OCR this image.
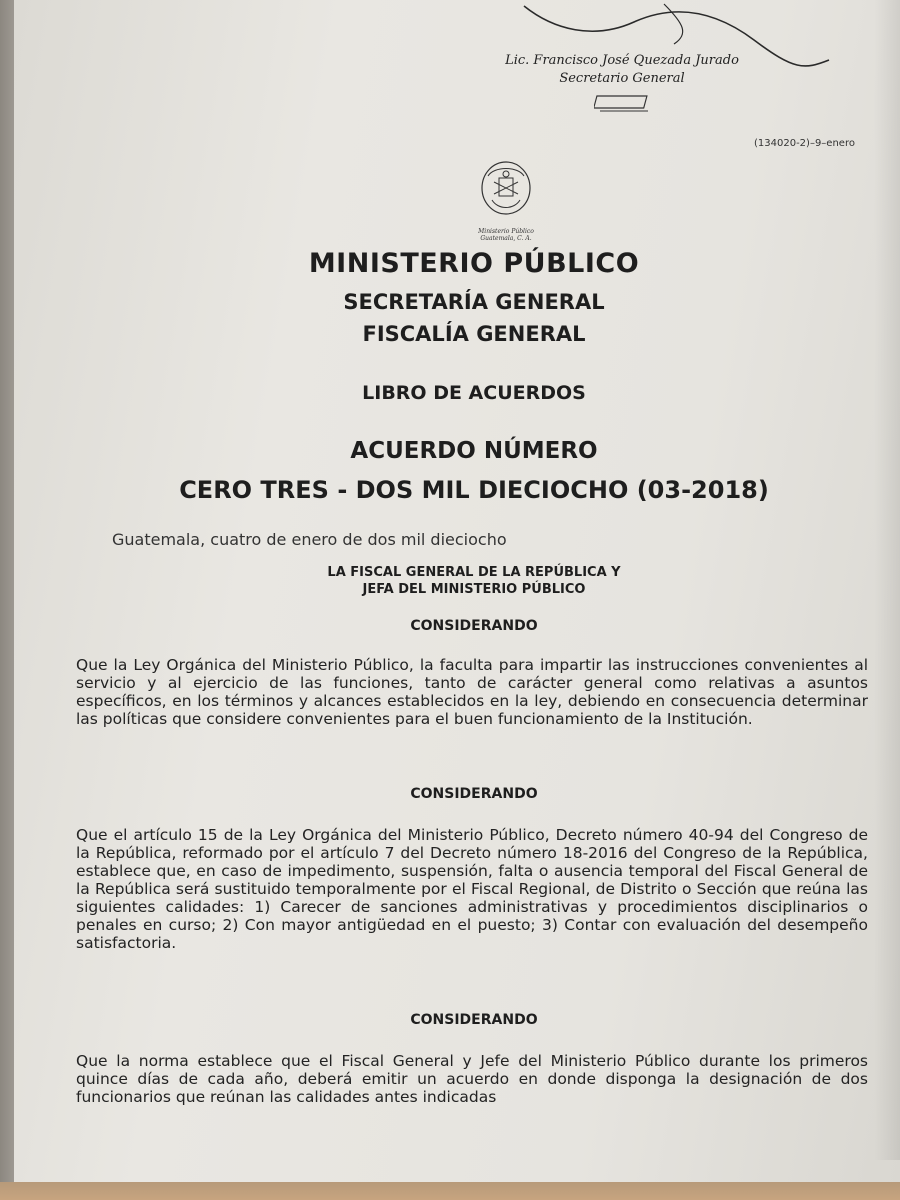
Lic. Francisco José Quezada Jurado
Secretario General
(134020-2)–9–enero
Ministerio Público
Guatemala, C. A.
MINISTERIO PÚBLICO
SECRETARÍA GENERAL
FISCALÍA GENERAL
LIBRO DE ACUERDOS
ACUERDO NÚMERO
CERO TRES - DOS MIL DIECIOCHO (03-2018)
Guatemala, cuatro de enero de dos mil dieciocho
LA FISCAL GENERAL DE LA REPÚBLICA Y
JEFA DEL MINISTERIO PÚBLICO
CONSIDERANDO
Que la Ley Orgánica del Ministerio Público, la faculta para impartir las instrucciones convenientes al servicio y al ejercicio de las funciones, tanto de carácter general como relativas a asuntos específicos, en los términos y alcances establecidos en la ley, debiendo en consecuencia determinar las políticas que considere convenientes para el buen funcionamiento de la Institución.
CONSIDERANDO
Que el artículo 15 de la Ley Orgánica del Ministerio Público, Decreto número 40-94 del Congreso de la República, reformado por el artículo 7 del Decreto número 18-2016 del Congreso de la República, establece que, en caso de impedimento, suspensión, falta o ausencia temporal del Fiscal General de la República será sustituido temporalmente por el Fiscal Regional, de Distrito o Sección que reúna las siguientes calidades: 1) Carecer de sanciones administrativas y procedimientos disciplinarios o penales en curso; 2) Con mayor antigüedad en el puesto; 3) Contar con evaluación del desempeño satisfactoria.
CONSIDERANDO
Que la norma establece que el Fiscal General y Jefe del Ministerio Público durante los primeros quince días de cada año, deberá emitir un acuerdo en donde disponga la designación de dos funcionarios que reúnan las calidades antes indicadas
